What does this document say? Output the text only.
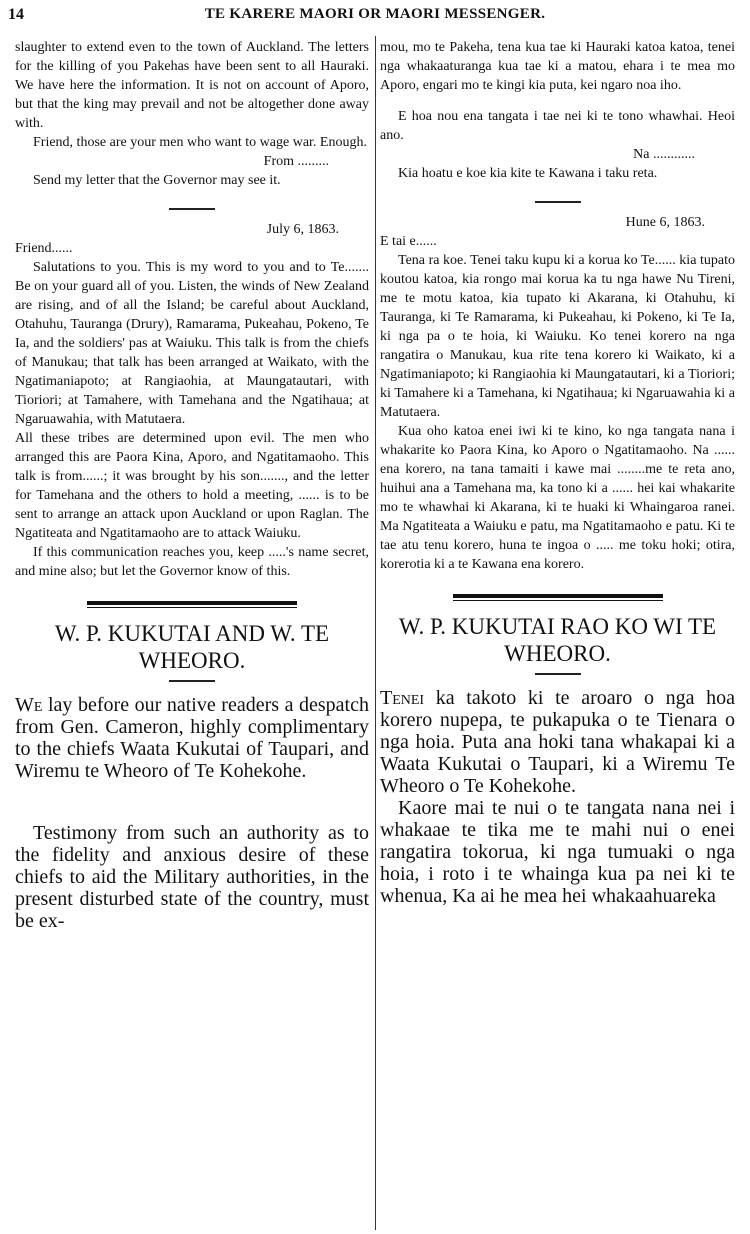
14	TE KARERE MAORI OR MAORI MESSENGER.

slaughter to extend even to the town of Auckland. The letters for the killing of you Pakehas have been sent to all Hauraki. We have here the information. It is not on account of Aporo, but that the king may prevail and not be altogether done away with.

Friend, those are your men who want to wage war. Enough.

From .........

Send my letter that the Governor may see it.

July 6, 1863.

Friend......

Salutations to you. This is my word to you and to Te....... Be on your guard all of you. Listen, the winds of New Zealand are rising, and of all the Island; be careful about Auckland, Otahuhu, Tauranga (Drury), Ramarama, Pukeahau, Pokeno, Te Ia, and the soldiers' pas at Waiuku. This talk is from the chiefs of Manukau; that talk has been arranged at Waikato, with the Ngatimaniapoto; at Rangiaohia, at Maungatautari, with Tioriori; at Tamahere, with Tamehana and the Ngatihaua; at Ngaruawahia, with Matutaera.

All these tribes are determined upon evil. The men who arranged this are Paora Kina, Aporo, and Ngatitamaoho. This talk is from......; it was brought by his son......., and the letter for Tamehana and the others to hold a meeting, ...... is to be sent to arrange an attack upon Auckland or upon Raglan. The Ngatiteata and Ngatitamaoho are to attack Waiuku.

If this communication reaches you, keep .....'s name secret, and mine also; but let the Governor know of this.

W. P. KUKUTAI AND W. TE WHEORO.

We lay before our native readers a despatch from Gen. Cameron, highly complimentary to the chiefs Waata Kukutai of Taupari, and Wiremu te Wheoro of Te Kohekohe.

Testimony from such an authority as to the fidelity and anxious desire of these chiefs to aid the Military authorities, in the present disturbed state of the country, must be ex-

mou, mo te Pakeha, tena kua tae ki Hauraki katoa katoa, tenei nga whakaaturanga kua tae ki a matou, ehara i te mea mo Aporo, engari mo te kingi kia puta, kei ngaro noa iho.

E hoa nou ena tangata i tae nei ki te tono whawhai. Heoi ano.

Na ............

Kia hoatu e koe kia kite te Kawana i taku reta.

Hune 6, 1863.

E tai e......

Tena ra koe. Tenei taku kupu ki a korua ko Te...... kia tupato koutou katoa, kia rongo mai korua ka tu nga hawe Nu Tireni, me te motu katoa, kia tupato ki Akarana, ki Otahuhu, ki Tauranga, ki Te Ramarama, ki Pukeahau, ki Pokeno, ki Te Ia, ki nga pa o te hoia, ki Waiuku. Ko tenei korero na nga rangatira o Manukau, kua rite tena korero ki Waikato, ki a Ngatimaniapoto; ki Rangiaohia ki Maungatautari, ki a Tioriori; ki Tamahere ki a Tamehana, ki Ngatihaua; ki Ngaruawahia ki a Matutaera.

Kua oho katoa enei iwi ki te kino, ko nga tangata nana i whakarite ko Paora Kina, ko Aporo o Ngatitamaoho. Na ...... ena korero, na tana tamaiti i kawe mai ........me te reta ano, huihui ana a Tamehana ma, ka tono ki a ...... hei kai whakarite mo te whawhai ki Akarana, ki te huaki ki Whaingaroa ranei. Ma Ngatiteata a Waiuku e patu, ma Ngatitamaoho e patu. Ki te tae atu tenu korero, huna te ingoa o ..... me toku hoki; otira, korerotia ki a te Kawana ena korero.

W. P. KUKUTAI RAO KO WI TE WHEORO.

Tenei ka takoto ki te aroaro o nga hoa korero nupepa, te pukapuka o te Tienara o nga hoia. Puta ana hoki tana whakapai ki a Waata Kukutai o Taupari, ki a Wiremu Te Wheoro o Te Kohekohe.

Kaore mai te nui o te tangata nana nei i whakaae te tika me te mahi nui o enei rangatira tokorua, ki nga tumuaki o nga hoia, i roto i te whainga kua pa nei ki te whenua, Ka ai he mea hei whakaahuareka
